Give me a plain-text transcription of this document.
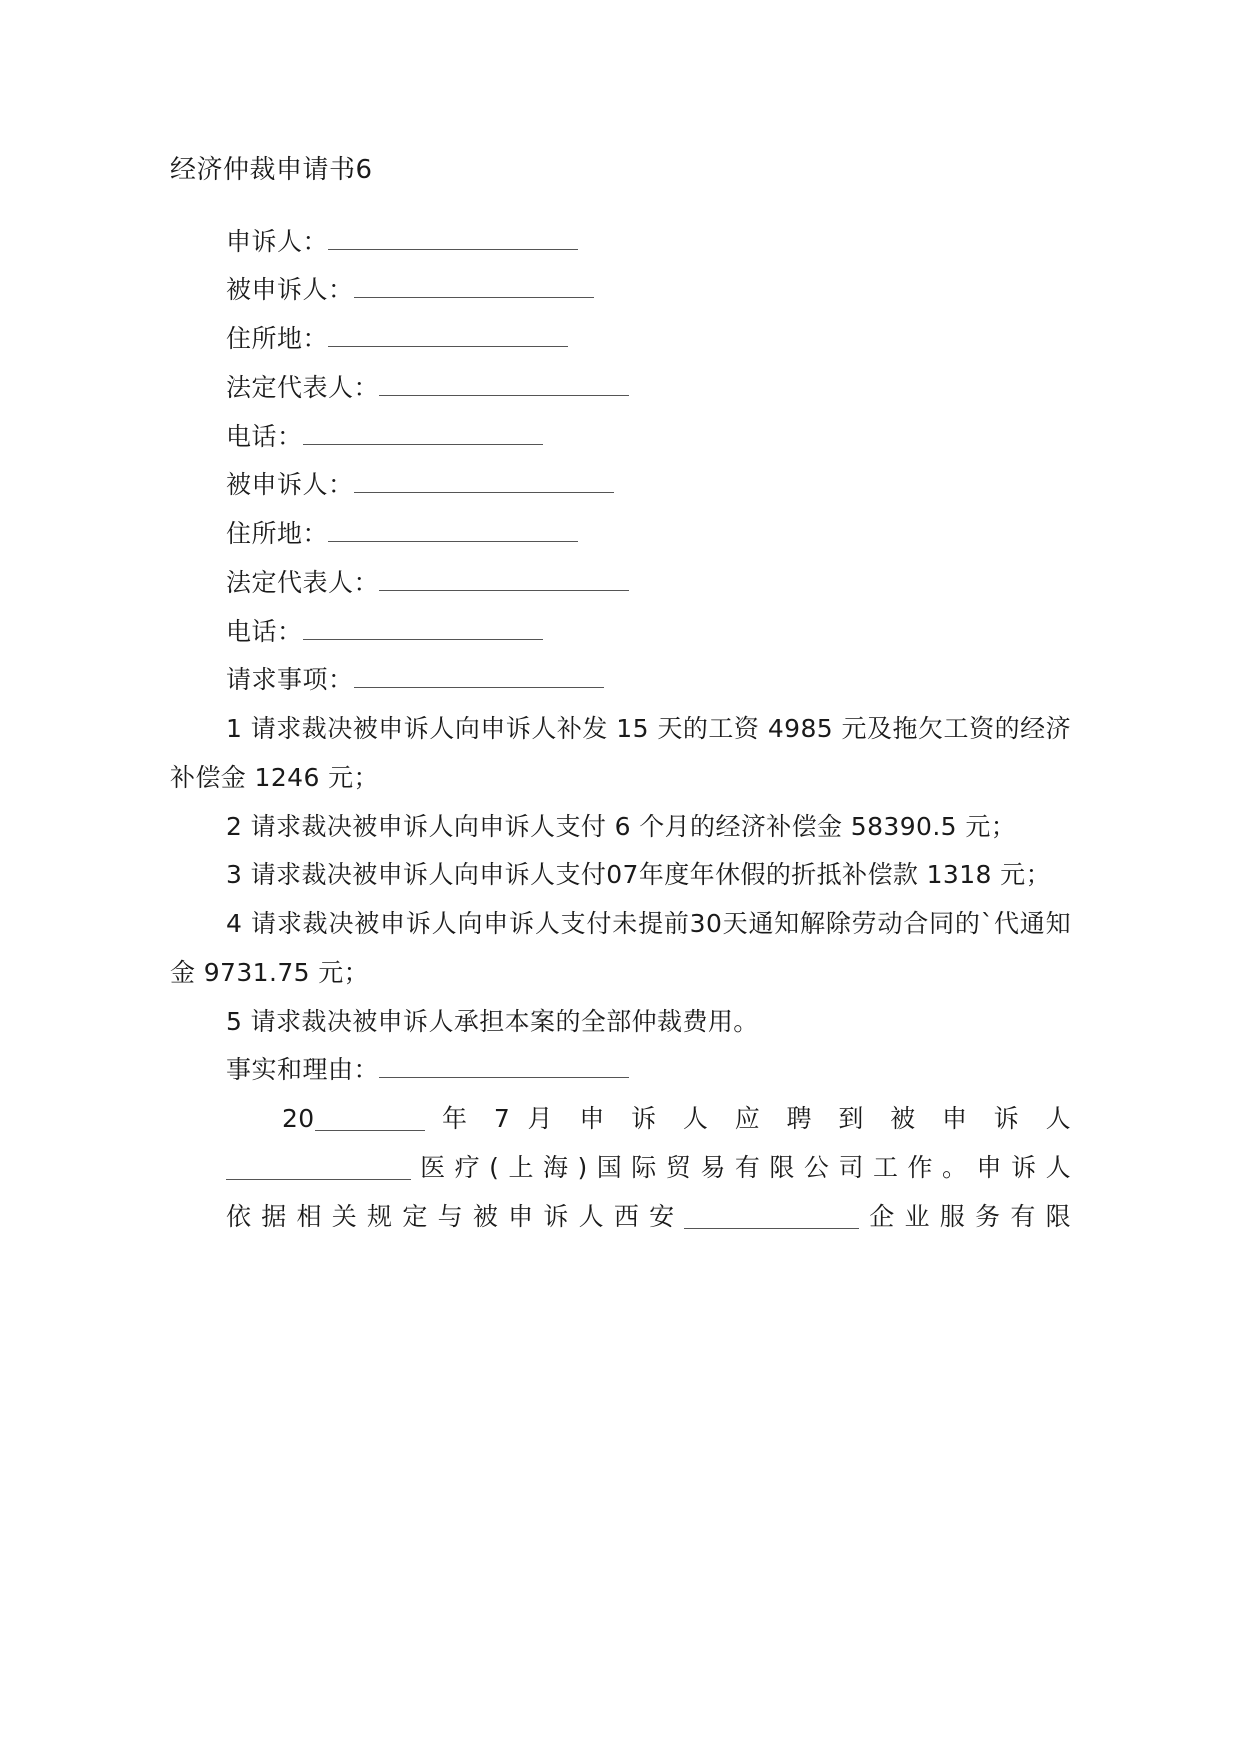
经济仲裁申请书6
申诉人：
被申诉人：
住所地：
法定代表人：
电话：
被申诉人：
住所地：
法定代表人：
电话：
请求事项：

1 请求裁决被申诉人向申诉人补发 15 天的工资 4985 元及拖欠工资的经济补偿金 1246 元；

2 请求裁决被申诉人向申诉人支付 6 个月的经济补偿金 58390.5 元；

3 请求裁决被申诉人向申诉人支付07年度年休假的折抵补偿款 1318 元；

4 请求裁决被申诉人向申诉人支付未提前30天通知解除劳动合同的`代通知金 9731.75 元；

5 请求裁决被申诉人承担本案的全部仲裁费用。

事实和理由：

20	年 7 月 申 诉 人 应 聘 到 被 申 诉 人
医疗(上海)国际贸易有限公司工作。申诉人
依据相关规定与被申诉人西安	企业服务有限
